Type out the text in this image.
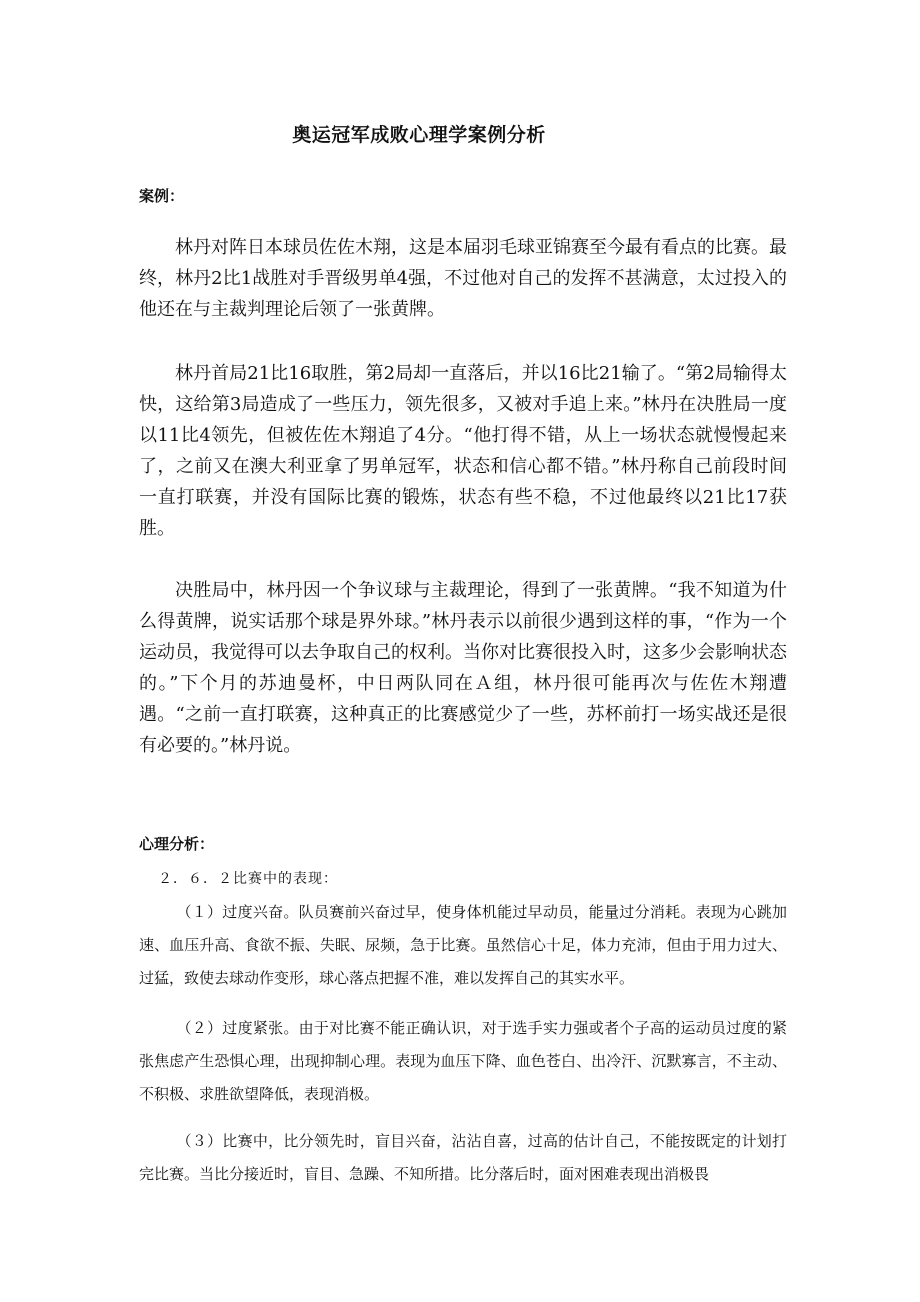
奥运冠军成败心理学案例分析
案例：

林丹对阵日本球员佐佐木翔，这是本届羽毛球亚锦赛至今最有看点的比赛。最终，林丹2比1战胜对手晋级男单4强，不过他对自己的发挥不甚满意，太过投入的他还在与主裁判理论后领了一张黄牌。

林丹首局21比16取胜，第2局却一直落后，并以16比21输了。“第2局输得太快，这给第3局造成了一些压力，领先很多，又被对手追上来。”林丹在决胜局一度以11比4领先，但被佐佐木翔追了4分。“他打得不错，从上一场状态就慢慢起来了，之前又在澳大利亚拿了男单冠军，状态和信心都不错。”林丹称自己前段时间一直打联赛，并没有国际比赛的锻炼，状态有些不稳，不过他最终以21比17获胜。

决胜局中，林丹因一个争议球与主裁理论，得到了一张黄牌。“我不知道为什么得黄牌，说实话那个球是界外球。”林丹表示以前很少遇到这样的事，“作为一个运动员，我觉得可以去争取自己的权利。当你对比赛很投入时，这多少会影响状态的。”下个月的苏迪曼杯，中日两队同在Ａ组，林丹很可能再次与佐佐木翔遭遇。“之前一直打联赛，这种真正的比赛感觉少了一些，苏杯前打一场实战还是很有必要的。”林丹说。

心理分析：
２．６．２比赛中的表现：

（１）过度兴奋。队员赛前兴奋过早，使身体机能过早动员，能量过分消耗。表现为心跳加速、血压升高、食欲不振、失眠、尿频，急于比赛。虽然信心十足，体力充沛，但由于用力过大、过猛，致使去球动作变形，球心落点把握不准，难以发挥自己的其实水平。

（２）过度紧张。由于对比赛不能正确认识，对于选手实力强或者个子高的运动员过度的紧张焦虑产生恐惧心理，出现抑制心理。表现为血压下降、血色苍白、出冷汗、沉默寡言，不主动、不积极、求胜欲望降低，表现消极。

（３）比赛中，比分领先时，盲目兴奋，沾沾自喜，过高的估计自己，不能按既定的计划打完比赛。当比分接近时，盲目、急躁、不知所措。比分落后时，面对困难表现出消极畏
